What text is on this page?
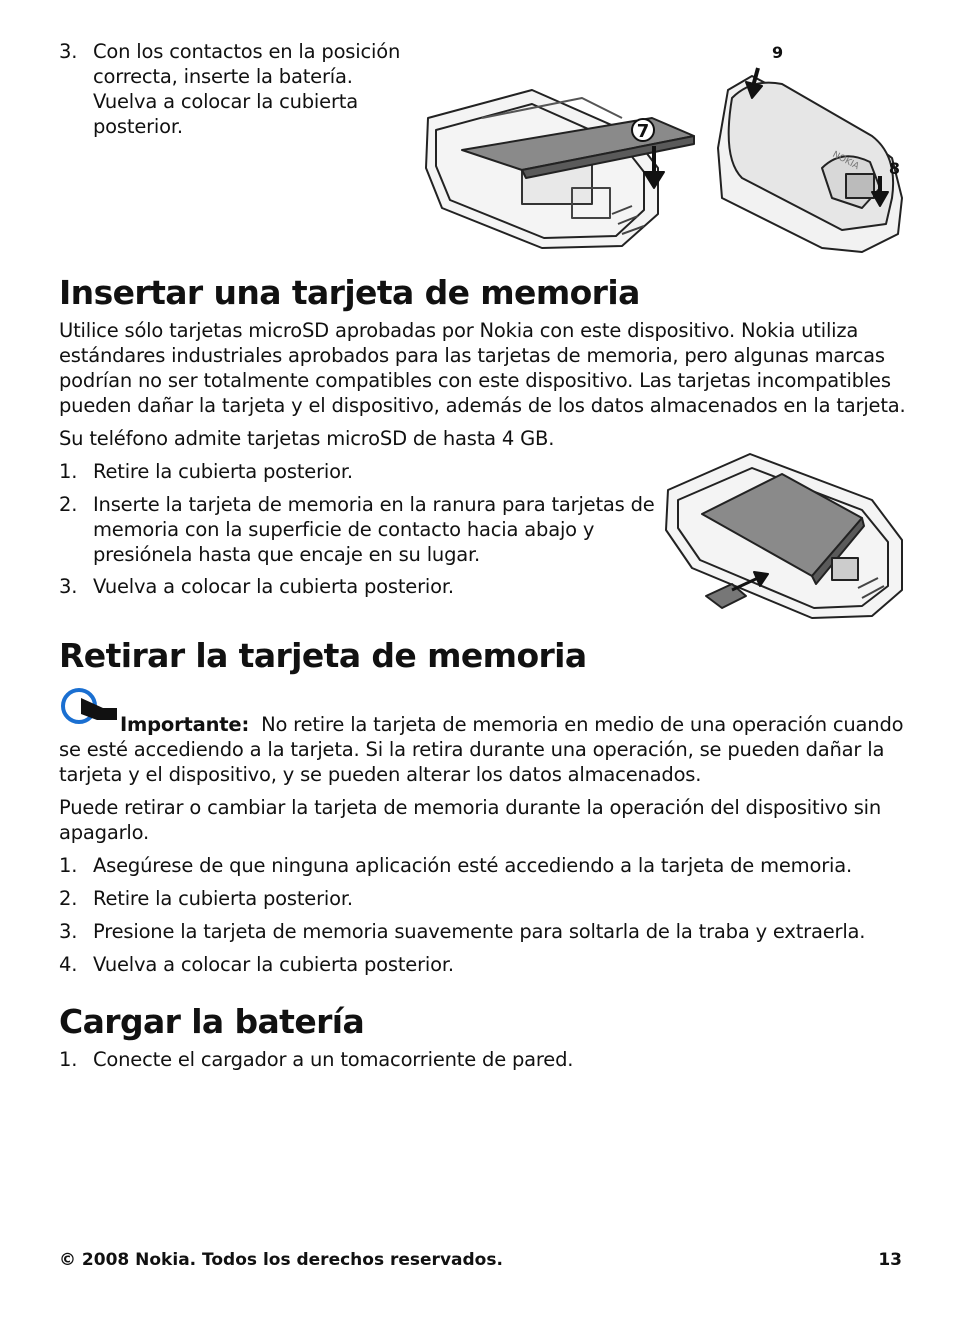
3. Con los contactos en la posición correcta, inserte la batería. Vuelva a colocar la cubierta posterior.	7
9
8
NOKIA
Insertar una tarjeta de memoria

Utilice sólo tarjetas microSD aprobadas por Nokia con este dispositivo. Nokia utiliza estándares industriales aprobados para las tarjetas de memoria, pero algunas marcas podrían no ser totalmente compatibles con este dispositivo. Las tarjetas incompatibles pueden dañar la tarjeta y el dispositivo, además de los datos almacenados en la tarjeta.

Su teléfono admite tarjetas microSD de hasta 4 GB.

1. Retire la cubierta posterior.
2. Inserte la tarjeta de memoria en la ranura para tarjetas de memoria con la superficie de contacto hacia abajo y presiónela hasta que encaje en su lugar.
3. Vuelva a colocar la cubierta posterior.
Retirar la tarjeta de memoria

Importante: No retire la tarjeta de memoria en medio de una operación cuando se esté accediendo a la tarjeta. Si la retira durante una operación, se pueden dañar la tarjeta y el dispositivo, y se pueden alterar los datos almacenados.

Puede retirar o cambiar la tarjeta de memoria durante la operación del dispositivo sin apagarlo.

1. Asegúrese de que ninguna aplicación esté accediendo a la tarjeta de memoria.
2. Retire la cubierta posterior.
3. Presione la tarjeta de memoria suavemente para soltarla de la traba y extraerla.
4. Vuelva a colocar la cubierta posterior.
Cargar la batería
1. Conecte el cargador a un tomacorriente de pared.
© 2008 Nokia. Todos los derechos reservados.	13
